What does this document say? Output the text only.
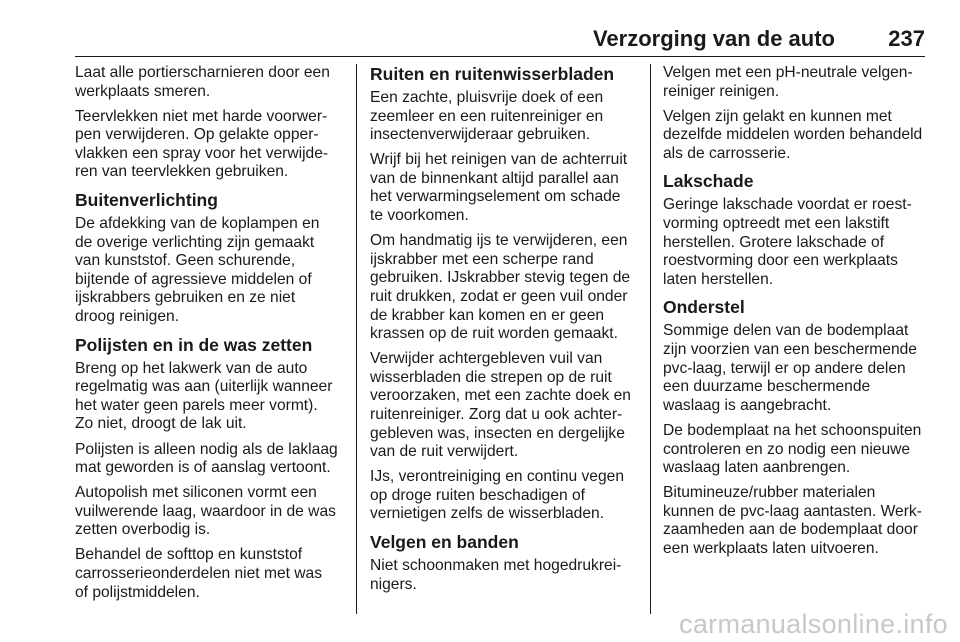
Verzorging van de auto 237

Laat alle portierscharnieren door een
werkplaats smeren.

Teervlekken niet met harde voorwer-
pen verwijderen. Op gelakte opper-
vlakken een spray voor het verwijde-
ren van teervlekken gebruiken.

Buitenverlichting

De afdekking van de koplampen en
de overige verlichting zijn gemaakt
van kunststof. Geen schurende,
bijtende of agressieve middelen of
ijskrabbers gebruiken en ze niet
droog reinigen.

Polijsten en in de was zetten

Breng op het lakwerk van de auto
regelmatig was aan (uiterlijk wanneer
het water geen parels meer vormt).
Zo niet, droogt de lak uit.

Polijsten is alleen nodig als de laklaag
mat geworden is of aanslag vertoont.

Autopolish met siliconen vormt een
vuilwerende laag, waardoor in de was
zetten overbodig is.

Behandel de softtop en kunststof
carrosserieonderdelen niet met was
of polijstmiddelen.

Ruiten en ruitenwisserbladen

Een zachte, pluisvrije doek of een
zeemleer en een ruitenreiniger en
insectenverwijderaar gebruiken.

Wrijf bij het reinigen van de achterruit
van de binnenkant altijd parallel aan
het verwarmingselement om schade
te voorkomen.

Om handmatig ijs te verwijderen, een
ijskrabber met een scherpe rand
gebruiken. IJskrabber stevig tegen de
ruit drukken, zodat er geen vuil onder
de krabber kan komen en er geen
krassen op de ruit worden gemaakt.

Verwijder achtergebleven vuil van
wisserbladen die strepen op de ruit
veroorzaken, met een zachte doek en
ruitenreiniger. Zorg dat u ook achter-
gebleven was, insecten en dergelijke
van de ruit verwijdert.

IJs, verontreiniging en continu vegen
op droge ruiten beschadigen of
vernietigen zelfs de wisserbladen.

Velgen en banden

Niet schoonmaken met hogedrukrei-
nigers.

Velgen met een pH-neutrale velgen-
reiniger reinigen.

Velgen zijn gelakt en kunnen met
dezelfde middelen worden behandeld
als de carrosserie.

Lakschade

Geringe lakschade voordat er roest-
vorming optreedt met een lakstift
herstellen. Grotere lakschade of
roestvorming door een werkplaats
laten herstellen.

Onderstel

Sommige delen van de bodemplaat
zijn voorzien van een beschermende
pvc-laag, terwijl er op andere delen
een duurzame beschermende
waslaag is aangebracht.

De bodemplaat na het schoonspuiten
controleren en zo nodig een nieuwe
waslaag laten aanbrengen.

Bitumineuze/rubber materialen
kunnen de pvc-laag aantasten. Werk-
zaamheden aan de bodemplaat door
een werkplaats laten uitvoeren.

carmanualsonline.info
